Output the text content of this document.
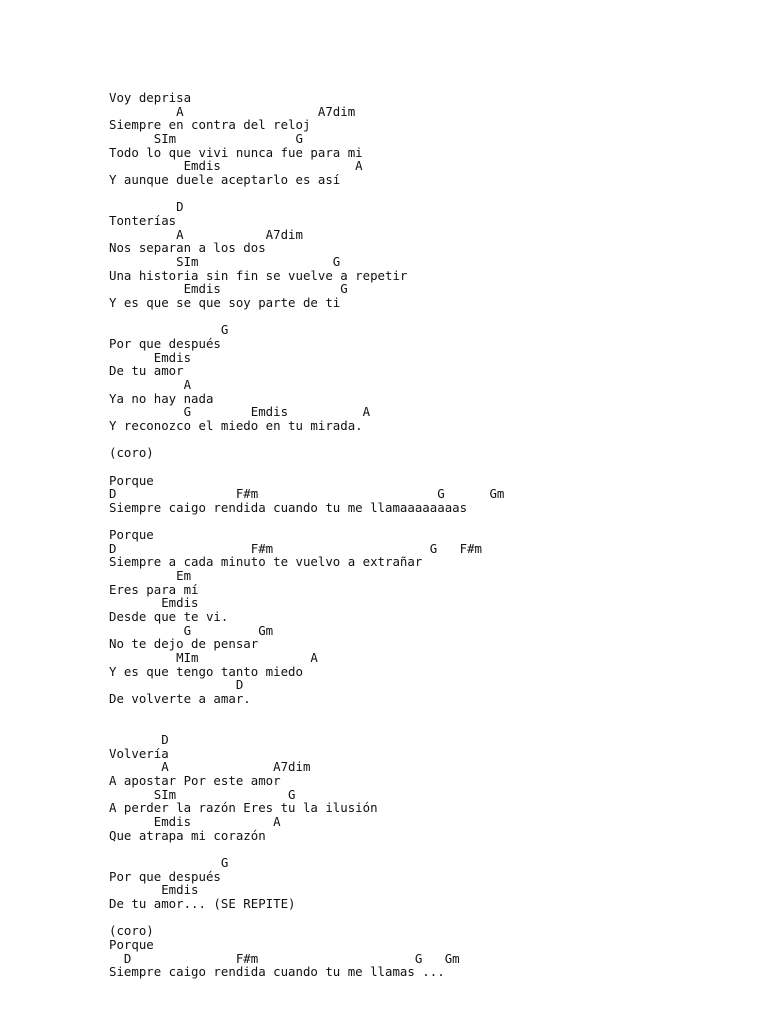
Voy deprisa
A                  A7dim
Siempre en contra del reloj
SIm                G
Todo lo que vivi nunca fue para mi
Emdis                  A
Y aunque duele aceptarlo es así
D
Tonterías
A           A7dim
Nos separan a los dos
SIm                  G
Una historia sin fin se vuelve a repetir
Emdis                G
Y es que se que soy parte de ti
G
Por que después
Emdis
De tu amor
A
Ya no hay nada
G        Emdis          A
Y reconozco el miedo en tu mirada.
(coro)
Porque
D                F#m                        G      Gm
Siempre caigo rendida cuando tu me llamaaaaaaaas
Porque
D                  F#m                     G   F#m
Siempre a cada minuto te vuelvo a extrañar
Em
Eres para mí
Emdis
Desde que te vi.
G         Gm
No te dejo de pensar
MIm               A
Y es que tengo tanto miedo
D
De volverte a amar.
D
Volvería
A              A7dim
A apostar Por este amor
SIm               G
A perder la razón Eres tu la ilusión
Emdis           A
Que atrapa mi corazón
G
Por que después
Emdis
De tu amor... (SE REPITE)
(coro)
Porque
D              F#m                     G   Gm
Siempre caigo rendida cuando tu me llamas ...
